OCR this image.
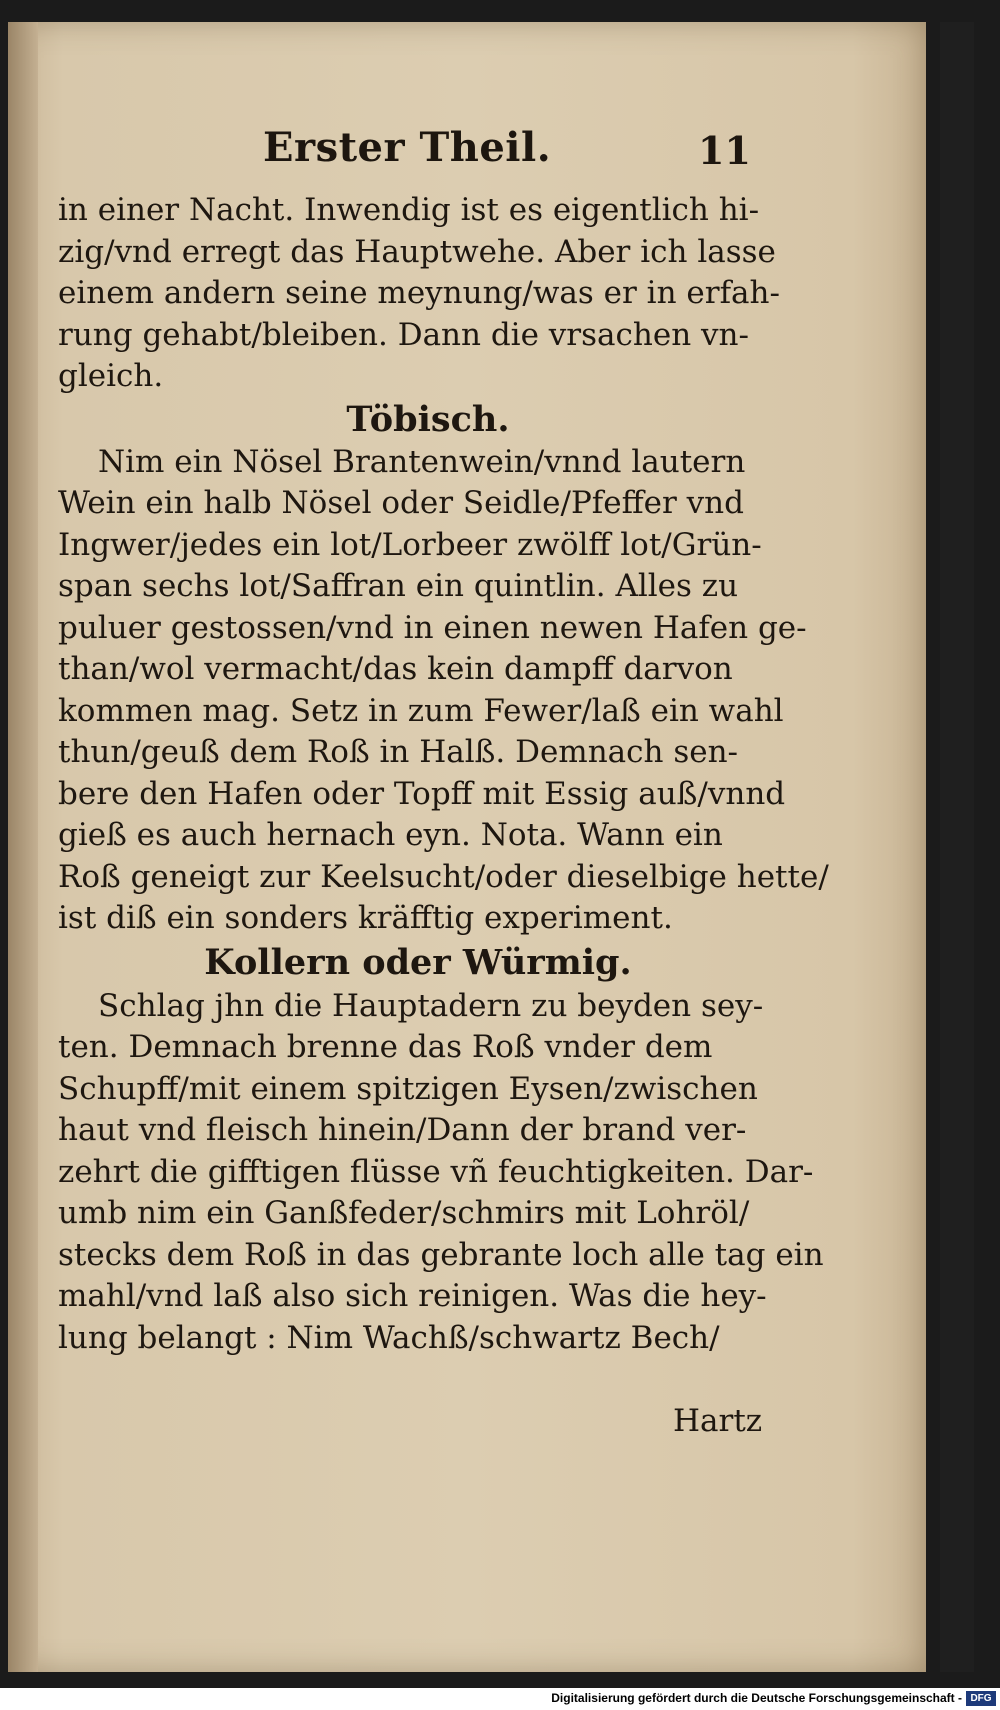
Erster Theil.	11
in einer Nacht. Inwendig ist es eigentlich hi-
zig/vnd erregt das Hauptwehe. Aber ich lasse
einem andern seine meynung/was er in erfah-
rung gehabt/bleiben. Dann die vrsachen vn-
gleich.
Töbisch.
Nim ein Nösel Brantenwein/vnnd lautern
Wein ein halb Nösel oder Seidle/Pfeffer vnd
Ingwer/jedes ein lot/Lorbeer zwölff lot/Grün-
span sechs lot/Saffran ein quintlin. Alles zu
puluer gestossen/vnd in einen newen Hafen ge-
than/wol vermacht/das kein dampff darvon
kommen mag. Setz in zum Fewer/laß ein wahl
thun/geuß dem Roß in Halß. Demnach sen-
bere den Hafen oder Topff mit Essig auß/vnnd
gieß es auch hernach eyn. Nota. Wann ein
Roß geneigt zur Keelsucht/oder dieselbige hette/
ist diß ein sonders kräfftig experiment.
Kollern oder Würmig.
Schlag jhn die Hauptadern zu beyden sey-
ten. Demnach brenne das Roß vnder dem
Schupff/mit einem spitzigen Eysen/zwischen
haut vnd fleisch hinein/Dann der brand ver-
zehrt die gifftigen flüsse vñ feuchtigkeiten. Dar-
umb nim ein Ganßfeder/schmirs mit Lohröl/
stecks dem Roß in das gebrante loch alle tag ein
mahl/vnd laß also sich reinigen. Was die hey-
lung belangt : Nim Wachß/schwartz Bech/
Hartz
Digitalisierung gefördert durch die Deutsche Forschungsgemeinschaft - DFG
